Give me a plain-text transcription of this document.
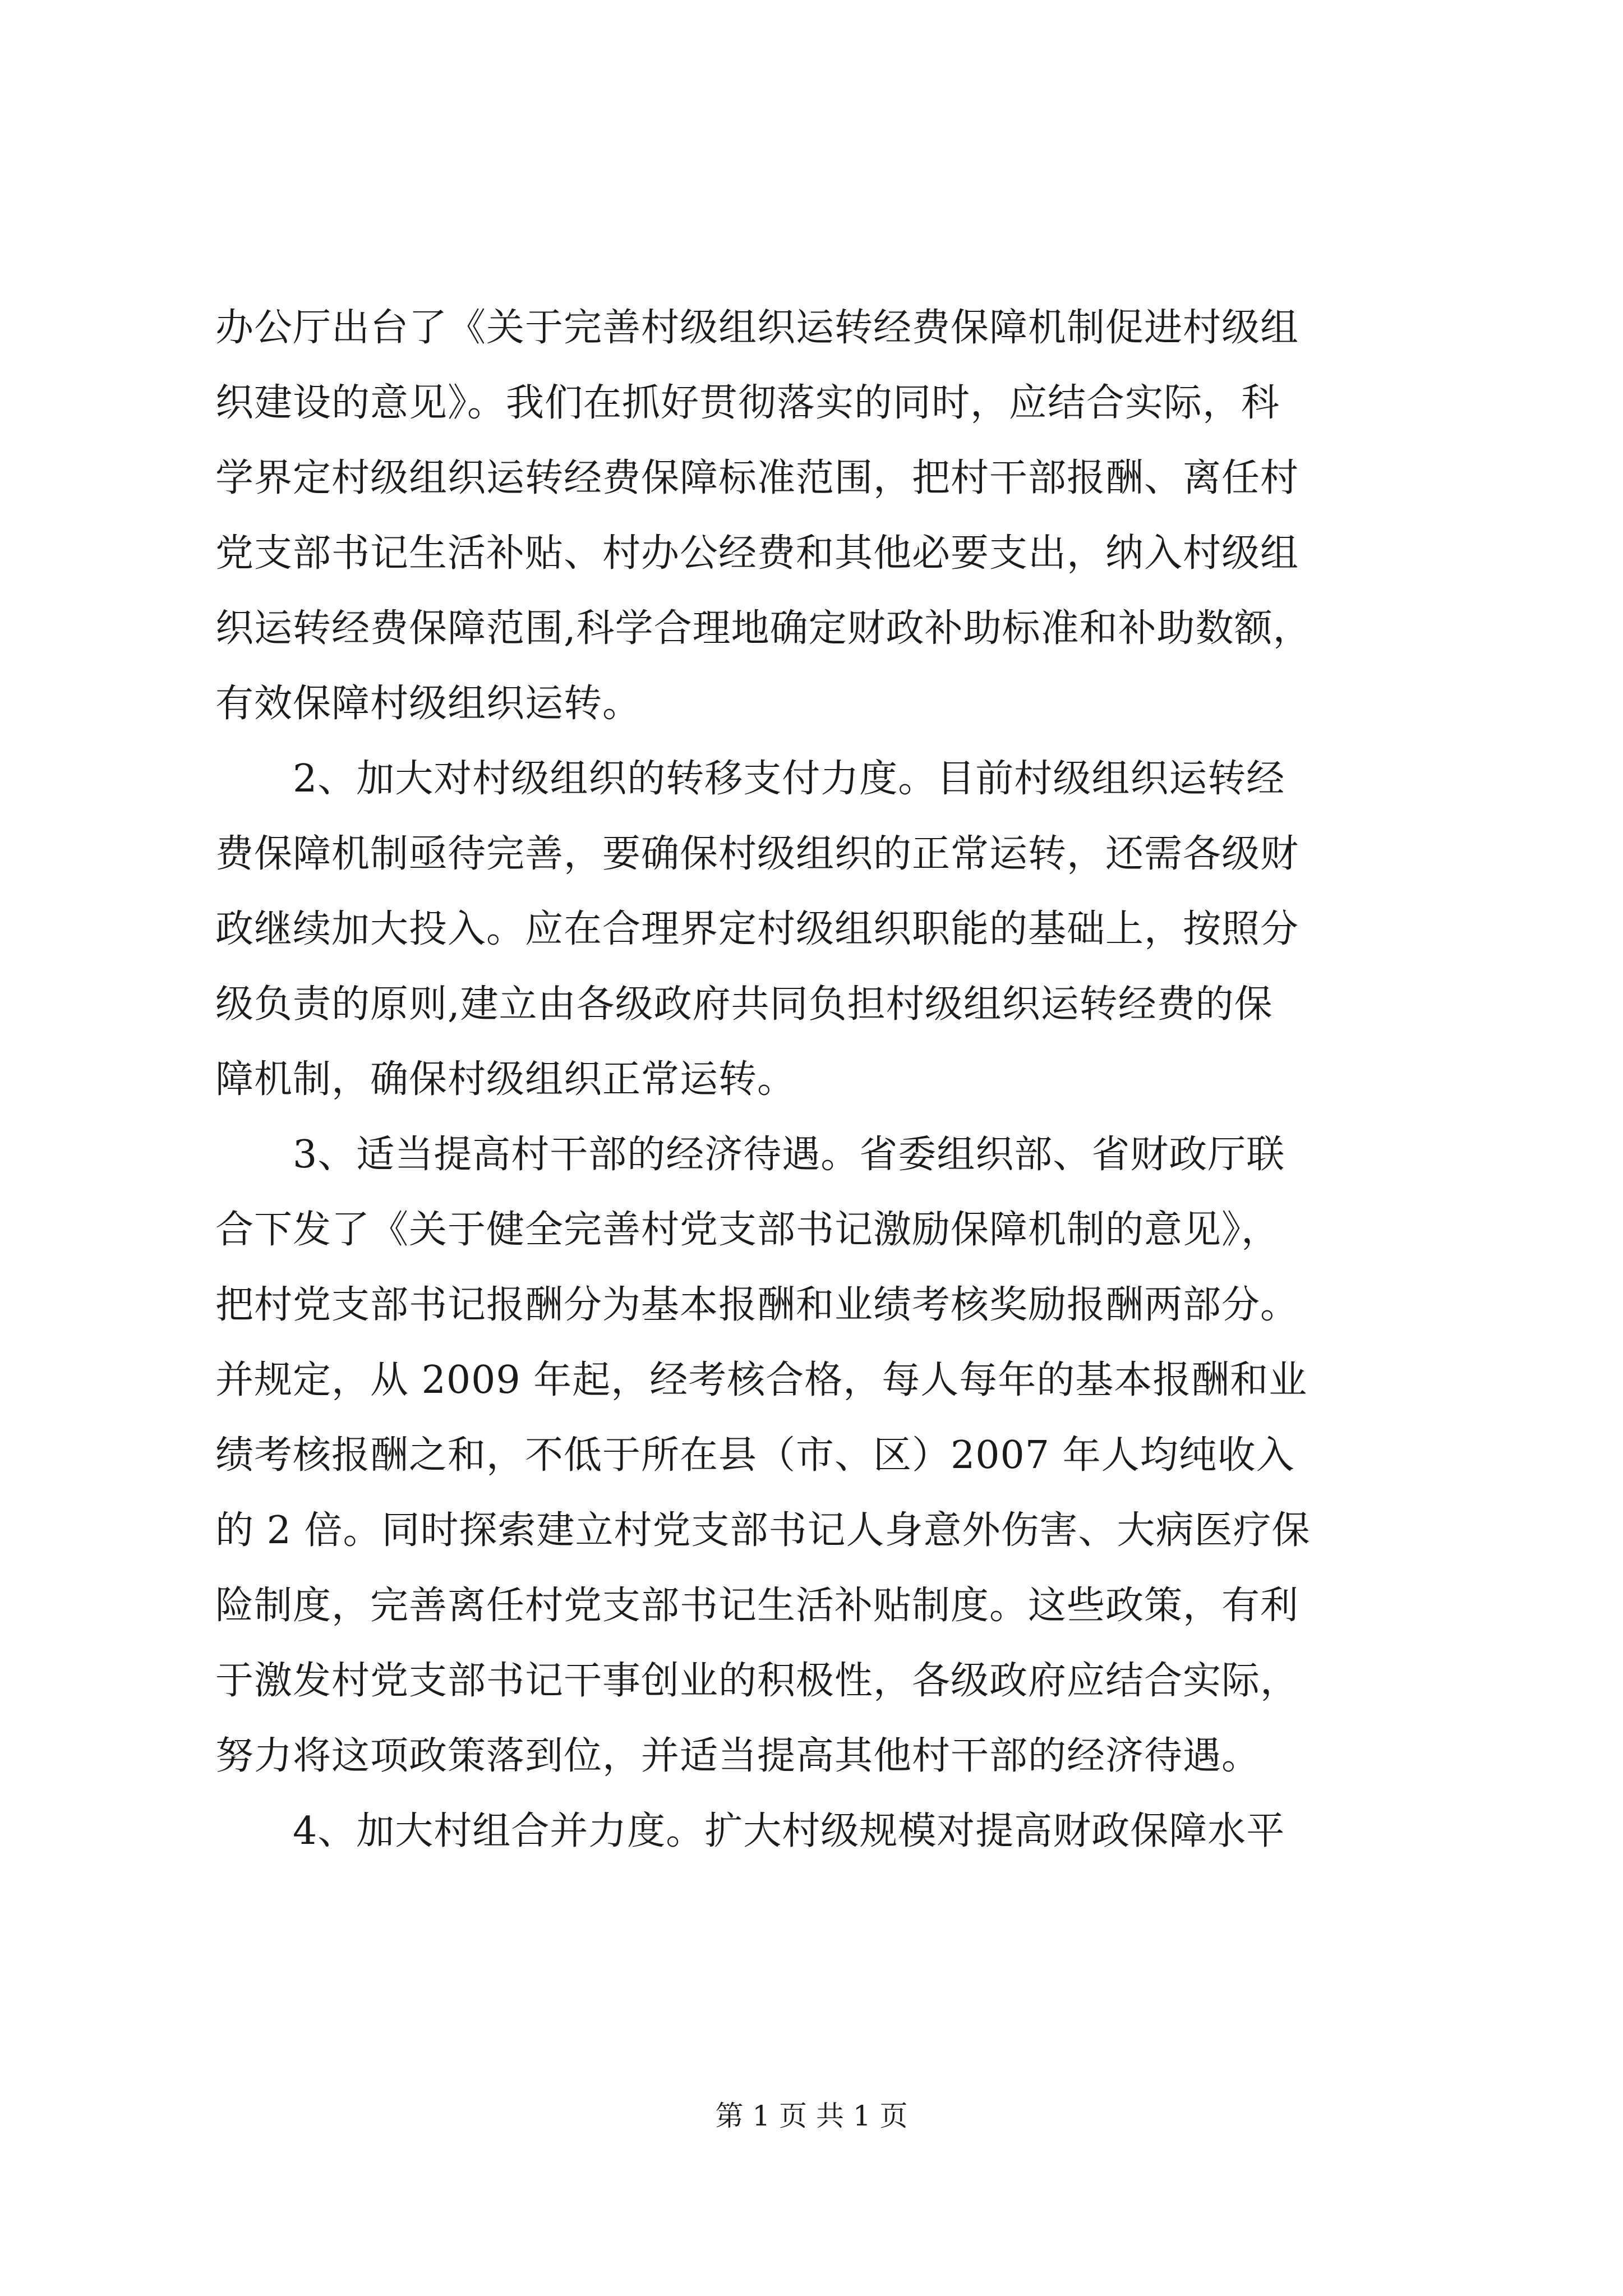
办公厅出台了《关于完善村级组织运转经费保障机制促进村级组
织建设的意见》。我们在抓好贯彻落实的同时，应结合实际，科
学界定村级组织运转经费保障标准范围，把村干部报酬、离任村
党支部书记生活补贴、村办公经费和其他必要支出，纳入村级组
织运转经费保障范围,科学合理地确定财政补助标准和补助数额，
有效保障村级组织运转。
　　2、加大对村级组织的转移支付力度。目前村级组织运转经
费保障机制亟待完善，要确保村级组织的正常运转，还需各级财
政继续加大投入。应在合理界定村级组织职能的基础上，按照分
级负责的原则,建立由各级政府共同负担村级组织运转经费的保
障机制，确保村级组织正常运转。
　　3、适当提高村干部的经济待遇。省委组织部、省财政厅联
合下发了《关于健全完善村党支部书记激励保障机制的意见》，
把村党支部书记报酬分为基本报酬和业绩考核奖励报酬两部分。
并规定，从 2009 年起，经考核合格，每人每年的基本报酬和业
绩考核报酬之和，不低于所在县（市、区）2007 年人均纯收入
的 2 倍。同时探索建立村党支部书记人身意外伤害、大病医疗保
险制度，完善离任村党支部书记生活补贴制度。这些政策，有利
于激发村党支部书记干事创业的积极性，各级政府应结合实际，
努力将这项政策落到位，并适当提高其他村干部的经济待遇。
　　4、加大村组合并力度。扩大村级规模对提高财政保障水平
第 1 页 共 1 页
